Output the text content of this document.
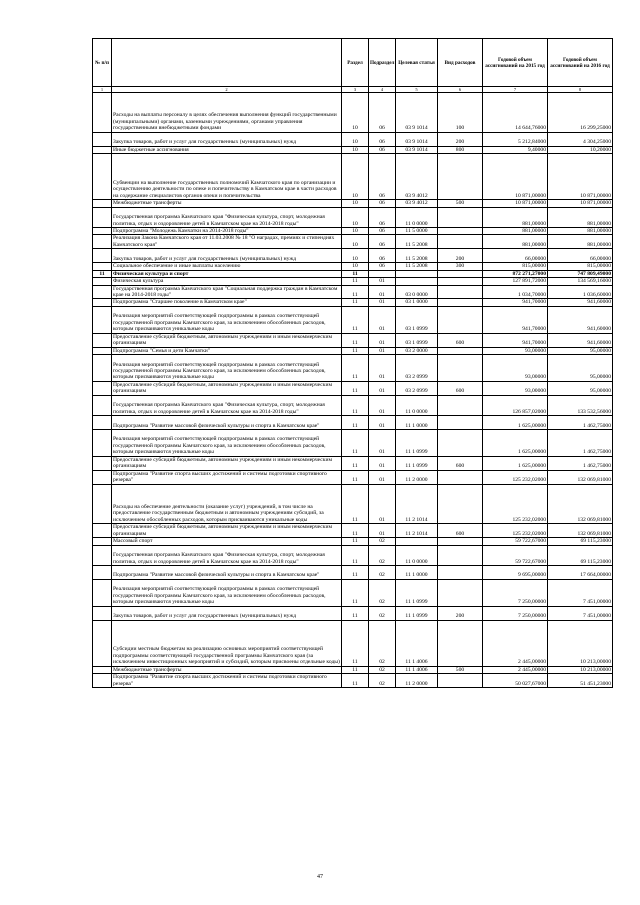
№ п/п		Раздел	Подраздел	Целевая статья	Вид расходов	Годовой объем ассигнований на 2015 год	Годовой объем ассигнований на 2016 год
1	2	3	4	5	6	7	8
	Расходы на выплаты персоналу в целях обеспечения выполнения функций государственными (муниципальными) органами, казенными учреждениями, органами управления государственными внебюджетными фондами	10	06	03 9 1014	100	14 644,76000	16 299,25000
	Закупка товаров, работ и услуг для государственных (муниципальных) нужд	10	06	03 9 1014	200	5 212,84000	4 304,25000
	Иные бюджетные ассигнования	10	06	03 9 1014	800	9,40000	10,20000
	Субвенции на выполнение государственных полномочий Камчатского края по организации и осуществлению деятельности по опеке и попечительству в Камчатском крае в части расходов на содержание специалистов органов опеки и попечительства	10	06	03 9 4012		10 871,00000	10 871,00000
	Межбюджетные трансферты	10	06	03 9 4012	500	10 871,00000	10 871,00000
	Государственная программа Камчатского края "Физическая культура, спорт, молодежная политика, отдых и оздоровление детей в Камчатском крае на 2014-2018 годы"	10	06	11 0 0000		881,00000	881,00000
	Подпрограмма "Молодежь Камчатки на 2014-2018 годы"	10	06	11 5 0000		881,00000	881,00000
	Реализация Закона Камчатского края от 11.03.2008 № 18 "О наградах, премиях и стипендиях Камчатского края"	10	06	11 5 2008		881,00000	881,00000
	Закупка товаров, работ и услуг для государственных (муниципальных) нужд	10	06	11 5 2008	200	66,00000	66,00000
	Социальное обеспечение и иные выплаты населению	10	06	11 5 2008	300	815,00000	815,00000
11	Физическая культура и спорт	11				872 271,27000	747 809,49000
	Физическая культура	11	01			127 891,72000	134 569,16000
	Государственная программа Камчатского края "Социальная поддержка граждан в Камчатском крае на 2014-2018 годы"	11	01	03 0 0000		1 034,70000	1 036,60000
	Подпрограмма "Старшее поколение в Камчатском крае"	11	01	03 1 0000		941,70000	941,60000
	Реализация мероприятий соответствующей подпрограммы в рамках соответствующей государственной программы Камчатского края, за исключением обособленных расходов, которым присваиваются уникальные коды	11	01	03 1 0999		941,70000	941,60000
	Предоставление субсидий бюджетным, автономным учреждениям и иным некоммерческим организациям	11	01	03 1 0999	600	941,70000	941,60000
	Подпрограмма "Семья и дети Камчатки"	11	01	03 2 0000		93,00000	95,00000
	Реализация мероприятий соответствующей подпрограммы в рамках соответствующей государственной программы Камчатского края, за исключением обособленных расходов, которым присваиваются уникальные коды	11	01	03 2 0999		93,00000	95,00000
	Предоставление субсидий бюджетным, автономным учреждениям и иным некоммерческим организациям	11	01	03 2 0999	600	93,00000	95,00000
	Государственная программа Камчатского края "Физическая культура, спорт, молодежная политика, отдых и оздоровление детей в Камчатском крае на 2014-2018 годы"	11	01	11 0 0000		126 857,02000	133 532,56000
	Подпрограмма "Развитие массовой физической культуры и спорта в Камчатском крае"	11	01	11 1 0000		1 625,00000	1 462,75000
	Реализация мероприятий соответствующей подпрограммы в рамках соответствующей государственной программы Камчатского края, за исключением обособленных расходов, которым присваиваются уникальные коды	11	01	11 1 0999		1 625,00000	1 462,75000
	Предоставление субсидий бюджетным, автономным учреждениям и иным некоммерческим организациям	11	01	11 1 0999	600	1 625,00000	1 462,75000
	Подпрограмма "Развитие спорта высших достижений и системы подготовки спортивного резерва"	11	01	11 2 0000		125 232,02000	132 069,81000
	Расходы на обеспечение деятельности (оказание услуг) учреждений, в том числе на предоставление государственным бюджетным и автономным учреждениям субсидий, за исключением обособленных расходов, которым присваиваются уникальные коды	11	01	11 2 1014		125 232,02000	132 069,81000
	Предоставление субсидий бюджетным, автономным учреждениям и иным некоммерческим организациям	11	01	11 2 1014	600	125 232,02000	132 069,81000
	Массовый спорт	11	02			59 722,67000	69 115,23000
	Государственная программа Камчатского края "Физическая культура, спорт, молодежная политика, отдых и оздоровление детей в Камчатском крае на 2014-2018 годы"	11	02	11 0 0000		59 722,67000	69 115,23000
	Подпрограмма "Развитие массовой физической культуры и спорта в Камчатском крае"	11	02	11 1 0000		9 695,00000	17 664,00000
	Реализация мероприятий соответствующей подпрограммы в рамках соответствующей государственной программы Камчатского края, за исключением обособленных расходов, которым присваиваются уникальные коды	11	02	11 1 0999		7 250,00000	7 451,00000
	Закупка товаров, работ и услуг для государственных (муниципальных) нужд	11	02	11 1 0999	200	7 250,00000	7 451,00000
	Субсидии местным бюджетам на реализацию основных мероприятий соответствующей подпрограммы соответствующей государственной программы Камчатского края (за исключением инвестиционных мероприятий и субсидий, которым присвоены отдельные коды)	11	02	11 1 4006		2 445,00000	10 213,00000
	Межбюджетные трансферты	11	02	11 1 4006	500	2 445,00000	10 213,00000
	Подпрограмма "Развитие спорта высших достижений и системы подготовки спортивного резерва"	11	02	11 2 0000		50 027,67000	51 451,23000
47
